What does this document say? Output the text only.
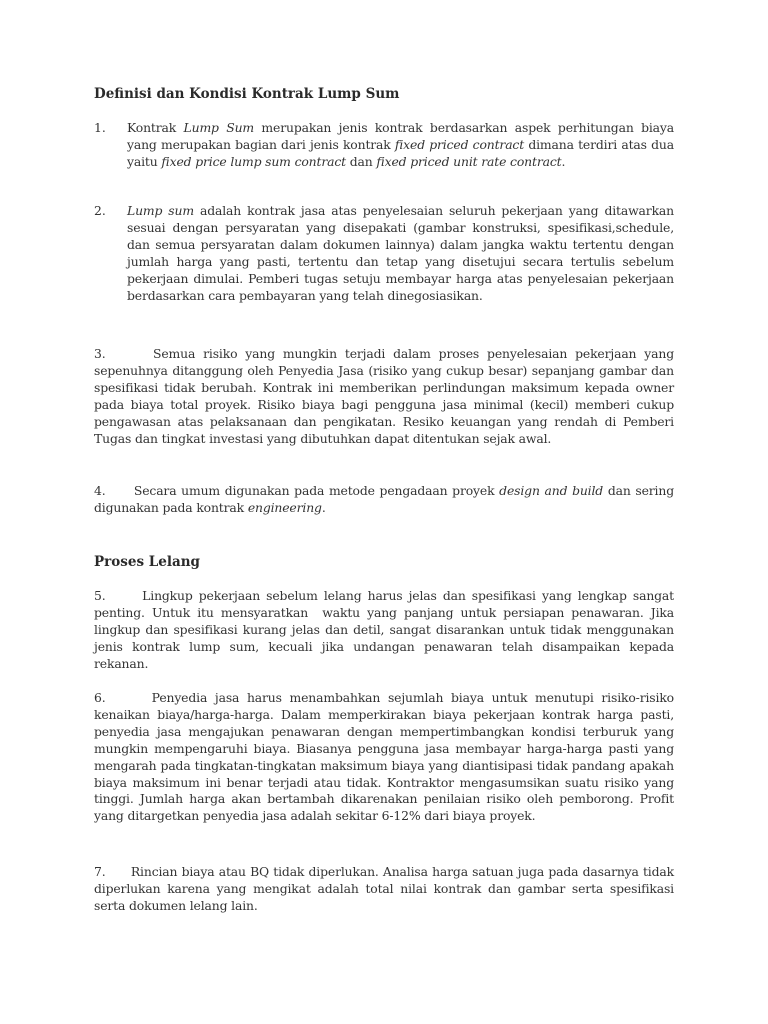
Definisi dan Kondisi Kontrak Lump Sum
1.	Kontrak Lump Sum merupakan jenis kontrak berdasarkan aspek perhitungan biaya yang merupakan bagian dari jenis kontrak fixed priced contract dimana terdiri atas dua yaitu fixed price lump sum contract dan fixed priced unit rate contract.
2.	Lump sum adalah kontrak jasa atas penyelesaian seluruh pekerjaan yang ditawarkan sesuai dengan persyaratan yang disepakati (gambar konstruksi, spesifikasi,schedule, dan semua persyaratan dalam dokumen lainnya) dalam jangka waktu tertentu dengan jumlah harga yang pasti, tertentu dan tetap yang disetujui secara tertulis sebelum pekerjaan dimulai. Pemberi tugas setuju membayar harga atas penyelesaian pekerjaan berdasarkan cara pembayaran yang telah dinegosiasikan.

3.      Semua risiko yang mungkin terjadi dalam proses penyelesaian pekerjaan yang sepenuhnya ditanggung oleh Penyedia Jasa (risiko yang cukup besar) sepanjang gambar dan spesifikasi tidak berubah. Kontrak ini memberikan perlindungan maksimum kepada owner pada biaya total proyek. Risiko biaya bagi pengguna jasa minimal (kecil) memberi cukup pengawasan atas pelaksanaan dan pengikatan. Resiko keuangan yang rendah di Pemberi Tugas dan tingkat investasi yang dibutuhkan dapat ditentukan sejak awal.

4.      Secara umum digunakan pada metode pengadaan proyek design and build dan sering digunakan pada kontrak engineering.

Proses Lelang

5.      Lingkup pekerjaan sebelum lelang harus jelas dan spesifikasi yang lengkap sangat penting. Untuk itu mensyaratkan  waktu yang panjang untuk persiapan penawaran. Jika lingkup dan spesifikasi kurang jelas dan detil, sangat disarankan untuk tidak menggunakan jenis kontrak lump sum, kecuali jika undangan penawaran telah disampaikan kepada rekanan.

6.      Penyedia jasa harus menambahkan sejumlah biaya untuk menutupi risiko-risiko kenaikan biaya/harga-harga. Dalam memperkirakan biaya pekerjaan kontrak harga pasti, penyedia jasa mengajukan penawaran dengan mempertimbangkan kondisi terburuk yang mungkin mempengaruhi biaya. Biasanya pengguna jasa membayar harga-harga pasti yang mengarah pada tingkatan-tingkatan maksimum biaya yang diantisipasi tidak pandang apakah biaya maksimum ini benar terjadi atau tidak. Kontraktor mengasumsikan suatu risiko yang tinggi. Jumlah harga akan bertambah dikarenakan penilaian risiko oleh pemborong. Profit yang ditargetkan penyedia jasa adalah sekitar 6-12% dari biaya proyek.

7.      Rincian biaya atau BQ tidak diperlukan. Analisa harga satuan juga pada dasarnya tidak diperlukan karena yang mengikat adalah total nilai kontrak dan gambar serta spesifikasi serta dokumen lelang lain.
